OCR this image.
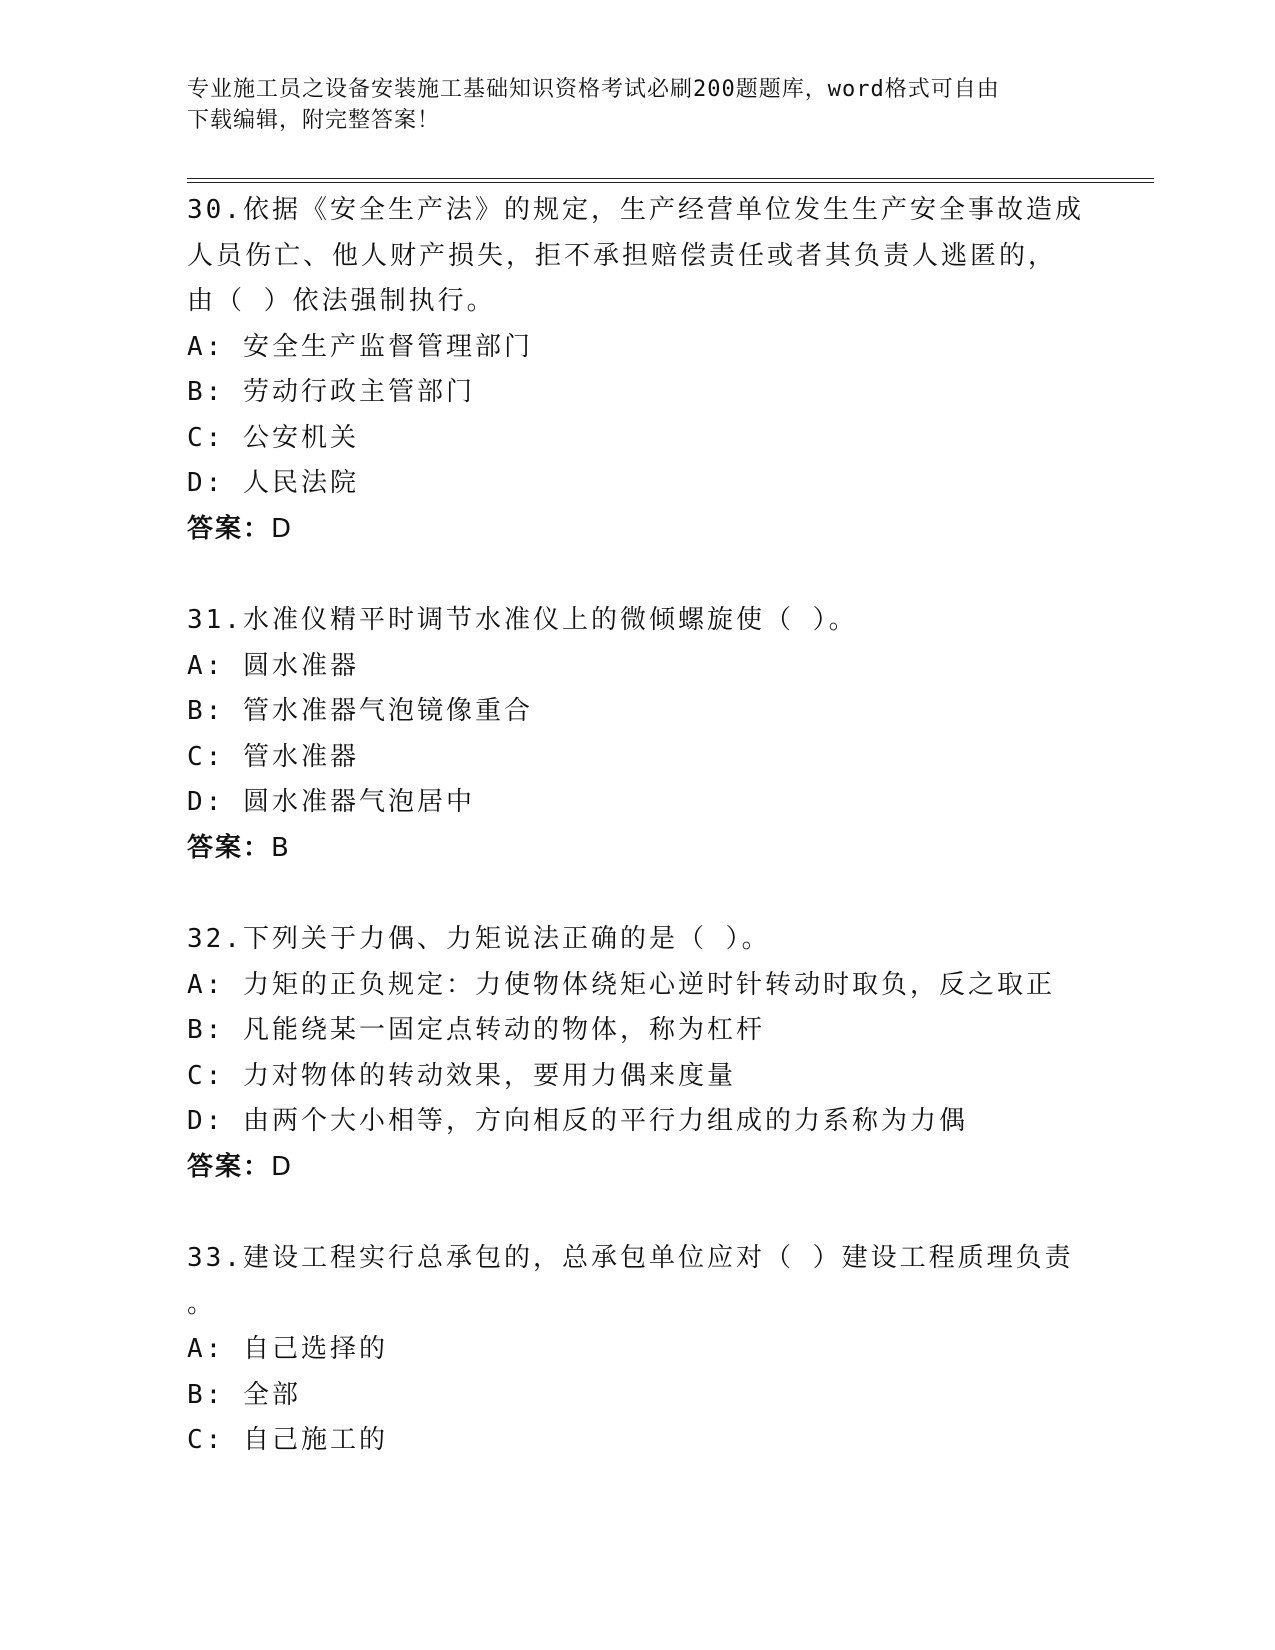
专业施工员之设备安装施工基础知识资格考试必刷200题题库，word格式可自由
下载编辑，附完整答案！
30.依据《安全生产法》的规定，生产经营单位发生生产安全事故造成
人员伤亡、他人财产损失，拒不承担赔偿责任或者其负责人逃匿的，
由（ ）依法强制执行。
A:
安全生产监督管理部门
B:
劳动行政主管部门
C:
公安机关
D:
人民法院
答案：D
31.水准仪精平时调节水准仪上的微倾螺旋使（ ）。
A:
圆水准器
B:
管水准器气泡镜像重合
C:
管水准器
D:
圆水准器气泡居中
答案：B
32.下列关于力偶、力矩说法正确的是（ ）。
A:
力矩的正负规定：力使物体绕矩心逆时针转动时取负，反之取正
B:
凡能绕某一固定点转动的物体，称为杠杆
C:
力对物体的转动效果，要用力偶来度量
D:
由两个大小相等，方向相反的平行力组成的力系称为力偶
答案：D
33.建设工程实行总承包的，总承包单位应对（ ）建设工程质理负责
。
A:
自己选择的
B:
全部
C:
自己施工的
